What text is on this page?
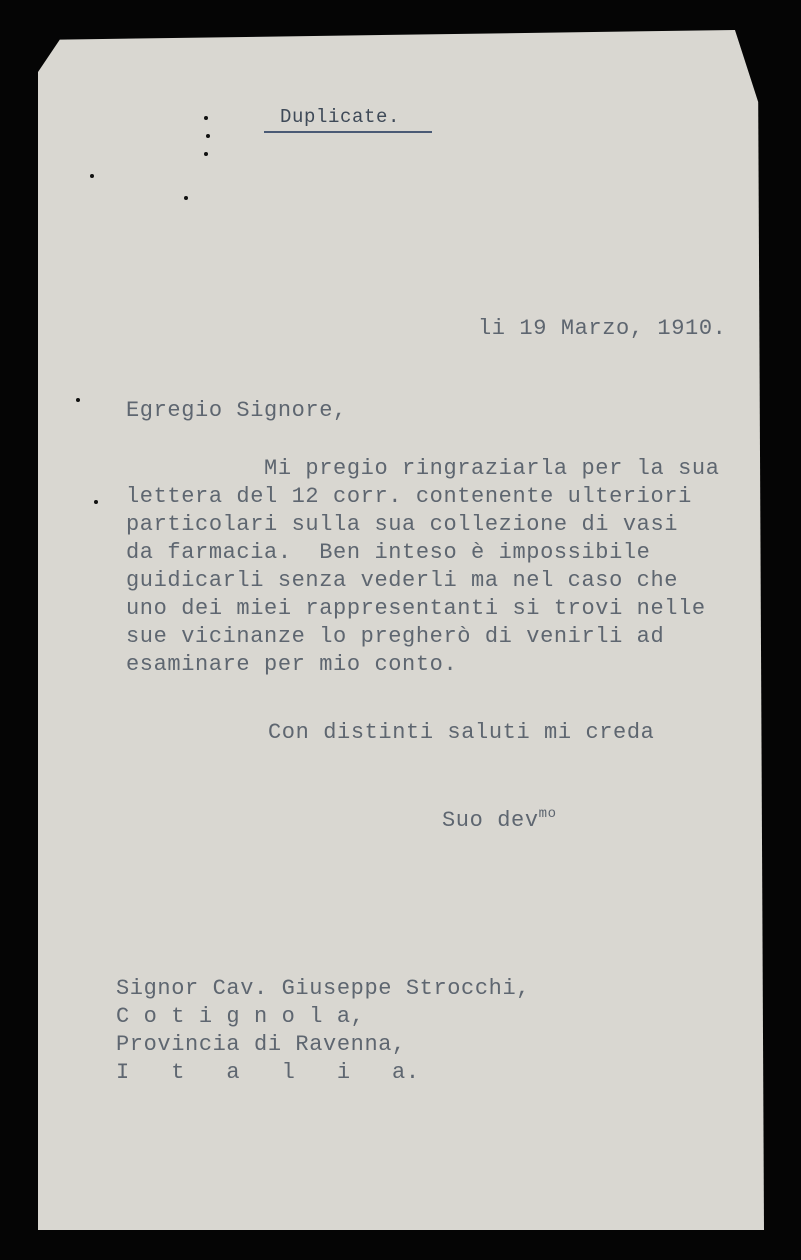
Duplicate.
li 19 Marzo, 1910.
Egregio Signore,
Mi pregio ringraziarla per la sua
lettera del 12 corr. contenente ulteriori
particolari sulla sua collezione di vasi
da farmacia.  Ben inteso è impossibile
guidicarli senza vederli ma nel caso che
uno dei miei rappresentanti si trovi nelle
sue vicinanze lo pregherò di venirli ad
esaminare per mio conto.
Con distinti saluti mi creda
Suo dev$^{mo}$
Signor Cav. Giuseppe Strocchi,
C o t i g n o l a,
Provincia di Ravenna,
I   t   a   l   i   a.
